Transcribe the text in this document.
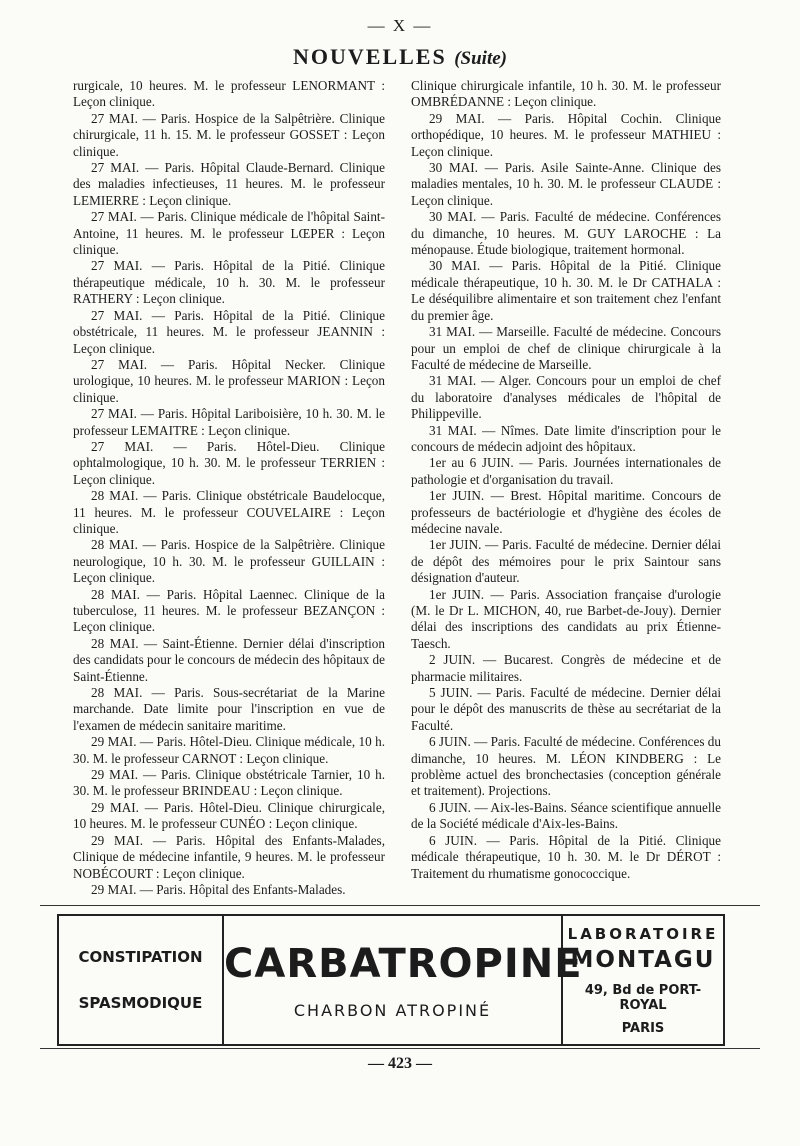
— X —
NOUVELLES (Suite)

rurgicale, 10 heures. M. le professeur LENORMANT : Leçon clinique.

27 MAI. — Paris. Hospice de la Salpêtrière. Clinique chirurgicale, 11 h. 15. M. le professeur GOSSET : Leçon clinique.

27 MAI. — Paris. Hôpital Claude-Bernard. Clinique des maladies infectieuses, 11 heures. M. le professeur LEMIERRE : Leçon clinique.

27 MAI. — Paris. Clinique médicale de l'hôpital Saint-Antoine, 11 heures. M. le professeur LŒPER : Leçon clinique.

27 MAI. — Paris. Hôpital de la Pitié. Clinique thérapeutique médicale, 10 h. 30. M. le professeur RATHERY : Leçon clinique.

27 MAI. — Paris. Hôpital de la Pitié. Clinique obstétricale, 11 heures. M. le professeur JEANNIN : Leçon clinique.

27 MAI. — Paris. Hôpital Necker. Clinique urologique, 10 heures. M. le professeur MARION : Leçon clinique.

27 MAI. — Paris. Hôpital Lariboisière, 10 h. 30. M. le professeur LEMAITRE : Leçon clinique.

27 MAI. — Paris. Hôtel-Dieu. Clinique ophtalmologique, 10 h. 30. M. le professeur TERRIEN : Leçon clinique.

28 MAI. — Paris. Clinique obstétricale Baudelocque, 11 heures. M. le professeur COUVELAIRE : Leçon clinique.

28 MAI. — Paris. Hospice de la Salpêtrière. Clinique neurologique, 10 h. 30. M. le professeur GUILLAIN : Leçon clinique.

28 MAI. — Paris. Hôpital Laennec. Clinique de la tuberculose, 11 heures. M. le professeur BEZANÇON : Leçon clinique.

28 MAI. — Saint-Étienne. Dernier délai d'inscription des candidats pour le concours de médecin des hôpitaux de Saint-Étienne.

28 MAI. — Paris. Sous-secrétariat de la Marine marchande. Date limite pour l'inscription en vue de l'examen de médecin sanitaire maritime.

29 MAI. — Paris. Hôtel-Dieu. Clinique médicale, 10 h. 30. M. le professeur CARNOT : Leçon clinique.

29 MAI. — Paris. Clinique obstétricale Tarnier, 10 h. 30. M. le professeur BRINDEAU : Leçon clinique.

29 MAI. — Paris. Hôtel-Dieu. Clinique chirurgicale, 10 heures. M. le professeur CUNÉO : Leçon clinique.

29 MAI. — Paris. Hôpital des Enfants-Malades, Clinique de médecine infantile, 9 heures. M. le professeur NOBÉCOURT : Leçon clinique.

29 MAI. — Paris. Hôpital des Enfants-Malades.

Clinique chirurgicale infantile, 10 h. 30. M. le professeur OMBRÉDANNE : Leçon clinique.

29 MAI. — Paris. Hôpital Cochin. Clinique orthopédique, 10 heures. M. le professeur MATHIEU : Leçon clinique.

30 MAI. — Paris. Asile Sainte-Anne. Clinique des maladies mentales, 10 h. 30. M. le professeur CLAUDE : Leçon clinique.

30 MAI. — Paris. Faculté de médecine. Conférences du dimanche, 10 heures. M. GUY LAROCHE : La ménopause. Étude biologique, traitement hormonal.

30 MAI. — Paris. Hôpital de la Pitié. Clinique médicale thérapeutique, 10 h. 30. M. le Dr CATHALA : Le déséquilibre alimentaire et son traitement chez l'enfant du premier âge.

31 MAI. — Marseille. Faculté de médecine. Concours pour un emploi de chef de clinique chirurgicale à la Faculté de médecine de Marseille.

31 MAI. — Alger. Concours pour un emploi de chef du laboratoire d'analyses médicales de l'hôpital de Philippeville.

31 MAI. — Nîmes. Date limite d'inscription pour le concours de médecin adjoint des hôpitaux.

1er au 6 JUIN. — Paris. Journées internationales de pathologie et d'organisation du travail.

1er JUIN. — Brest. Hôpital maritime. Concours de professeurs de bactériologie et d'hygiène des écoles de médecine navale.

1er JUIN. — Paris. Faculté de médecine. Dernier délai de dépôt des mémoires pour le prix Saintour sans désignation d'auteur.

1er JUIN. — Paris. Association française d'urologie (M. le Dr L. MICHON, 40, rue Barbet-de-Jouy). Dernier délai des inscriptions des candidats au prix Étienne-Taesch.

2 JUIN. — Bucarest. Congrès de médecine et de pharmacie militaires.

5 JUIN. — Paris. Faculté de médecine. Dernier délai pour le dépôt des manuscrits de thèse au secrétariat de la Faculté.

6 JUIN. — Paris. Faculté de médecine. Conférences du dimanche, 10 heures. M. LÉON KINDBERG : Le problème actuel des bronchectasies (conception générale et traitement). Projections.

6 JUIN. — Aix-les-Bains. Séance scientifique annuelle de la Société médicale d'Aix-les-Bains.

6 JUIN. — Paris. Hôpital de la Pitié. Clinique médicale thérapeutique, 10 h. 30. M. le Dr DÉROT : Traitement du rhumatisme gonococcique.

CONSTIPATION
SPASMODIQUE
CARBATROPINE
CHARBON ATROPINÉ
LABORATOIRE
MONTAGU
49, Bd de PORT-ROYAL
PARIS
— 423 —
